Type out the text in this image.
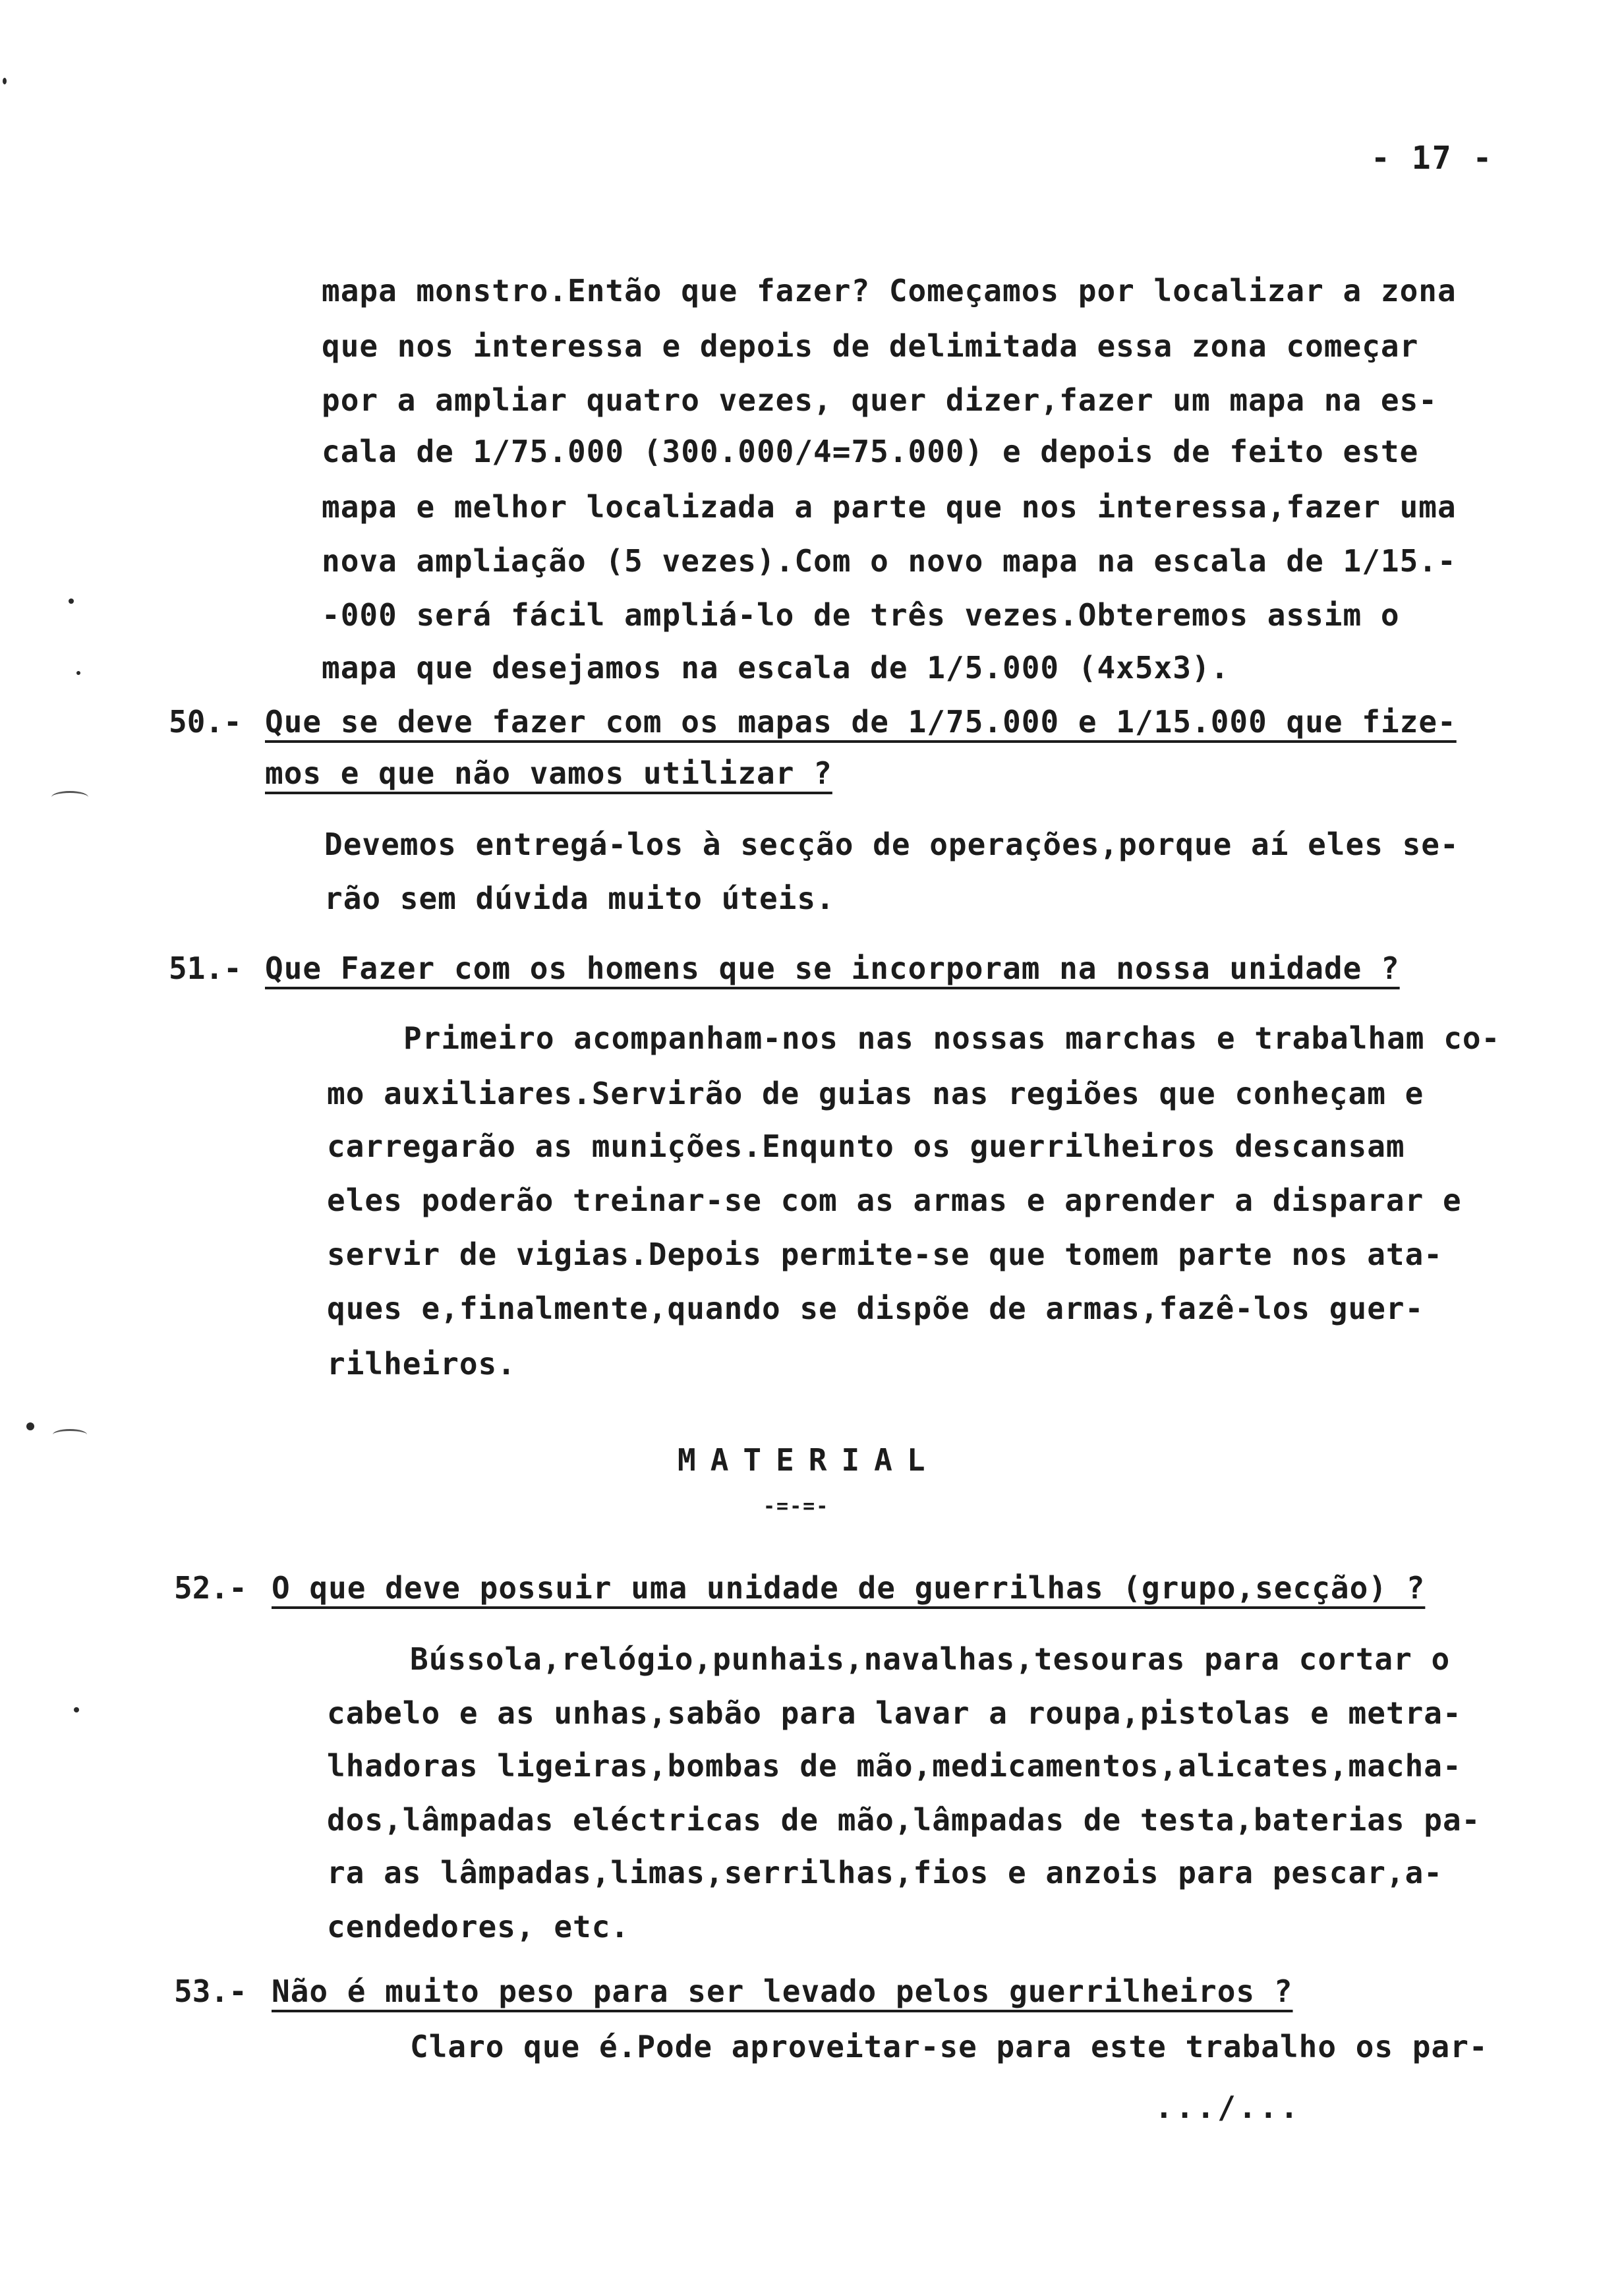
- 17 -
mapa monstro.Então que fazer? Começamos por localizar a zona
que nos interessa e depois de delimitada essa zona começar
por a ampliar quatro vezes, quer dizer,fazer um mapa na es-
cala de 1/75.000 (300.000/4=75.000) e depois de feito este
mapa e melhor localizada a parte que nos interessa,fazer uma
nova ampliação (5 vezes).Com o novo mapa na escala de 1/15.-
-000 será fácil ampliá-lo de três vezes.Obteremos assim o
mapa que desejamos na escala de 1/5.000 (4x5x3).
50.- Que se deve fazer com os mapas de 1/75.000 e 1/15.000 que fize-
mos e que não vamos utilizar ?
Devemos entregá-los à secção de operações,porque aí eles se-
rão sem dúvida muito úteis.
51.- Que Fazer com os homens que se incorporam na nossa unidade ?
Primeiro acompanham-nos nas nossas marchas e trabalham co-
mo auxiliares.Servirão de guias nas regiões que conheçam e
carregarão as munições.Enqunto os guerrilheiros descansam
eles poderão treinar-se com as armas e aprender a disparar e
servir de vigias.Depois permite-se que tomem parte nos ata-
ques e,finalmente,quando se dispõe de armas,fazê-los guer-
rilheiros.
MATERIAL
-=-=-
52.- O que deve possuir uma unidade de guerrilhas (grupo,secção) ?
Bússola,relógio,punhais,navalhas,tesouras para cortar o
cabelo e as unhas,sabão para lavar a roupa,pistolas e metra-
lhadoras ligeiras,bombas de mão,medicamentos,alicates,macha-
dos,lâmpadas eléctricas de mão,lâmpadas de testa,baterias pa-
ra as lâmpadas,limas,serrilhas,fios e anzois para pescar,a-
cendedores, etc.
53.- Não é muito peso para ser levado pelos guerrilheiros ?
Claro que é.Pode aproveitar-se para este trabalho os par-
.../...
